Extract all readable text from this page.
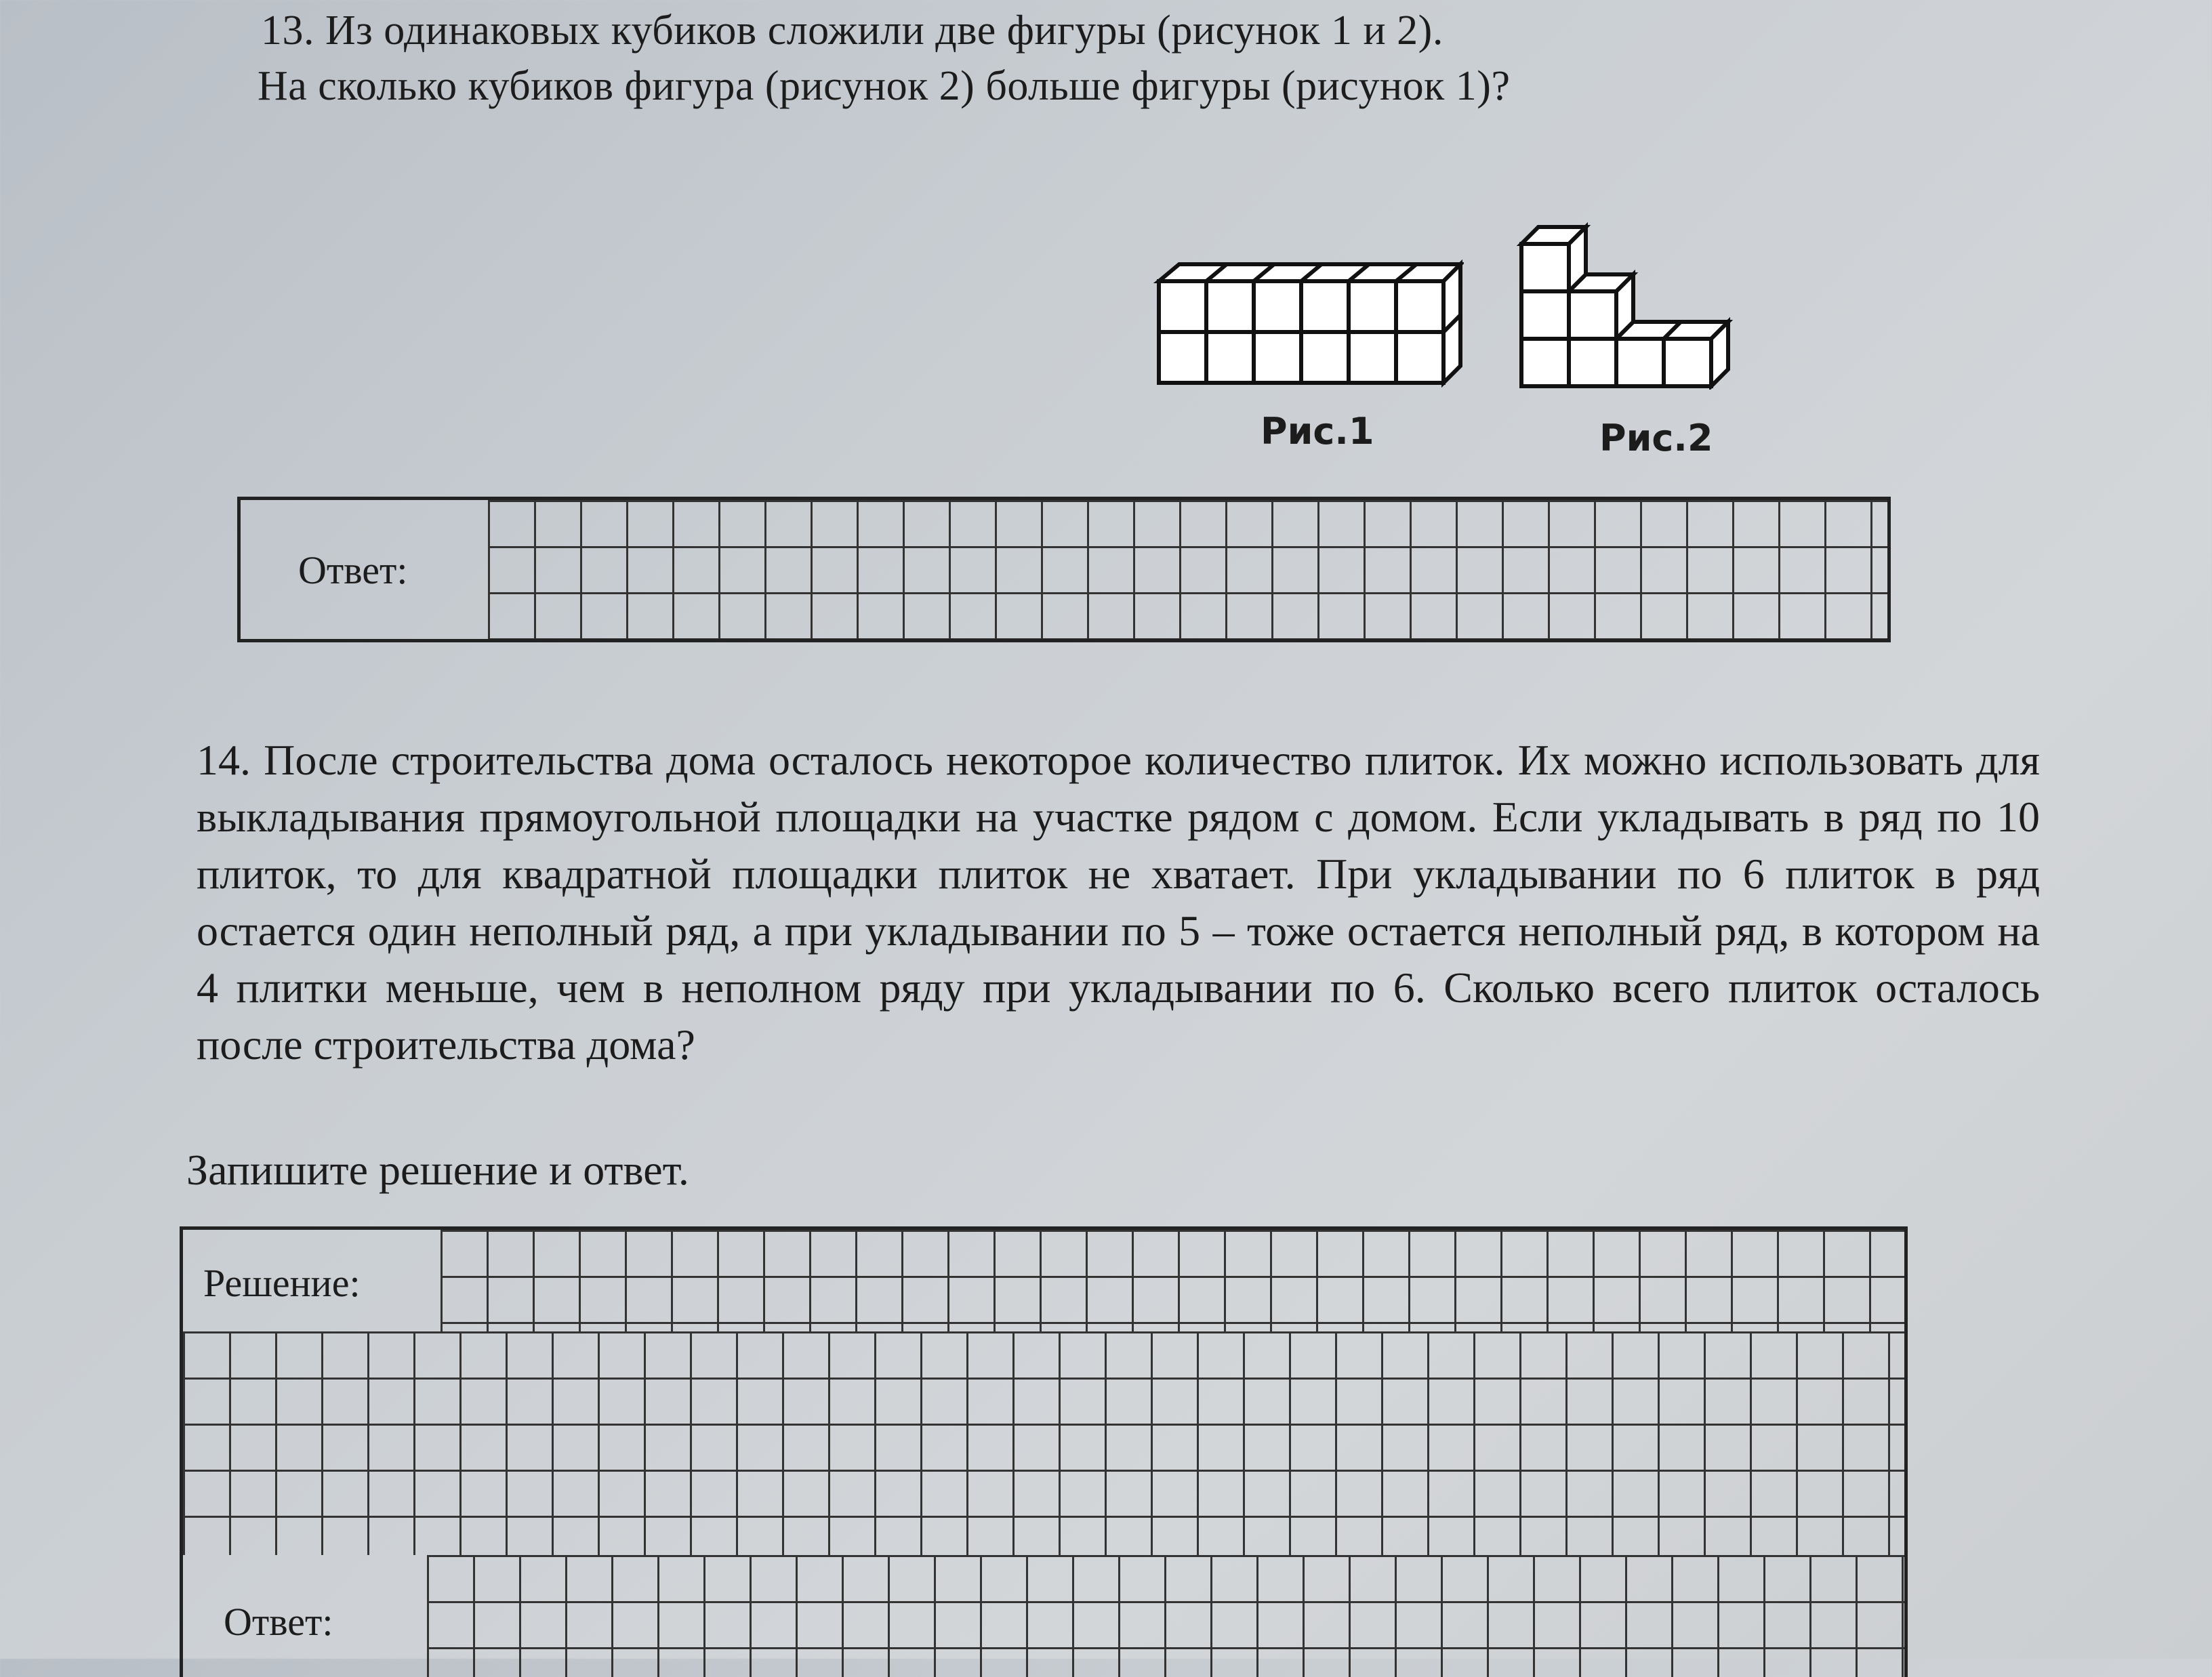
13. Из одинаковых кубиков сложили две фигуры (рисунок 1 и 2).
На сколько кубиков фигура (рисунок 2) больше фигуры (рисунок 1)?
Рис.1	Рис.2
Ответ:
14. После строительства дома осталось некоторое количество плиток. Их можно использовать для выкладывания прямоугольной площадки на участке рядом с домом. Если укладывать в ряд по 10 плиток, то для квадратной площадки плиток не хватает. При укладывании по 6 плиток в ряд остается один неполный ряд, а при укладывании по 5 – тоже остается неполный ряд, в котором на 4 плитки меньше, чем в неполном ряду при укладывании по 6. Сколько всего плиток осталось после строительства дома?
Запишите решение и ответ.
Решение:
Ответ:
